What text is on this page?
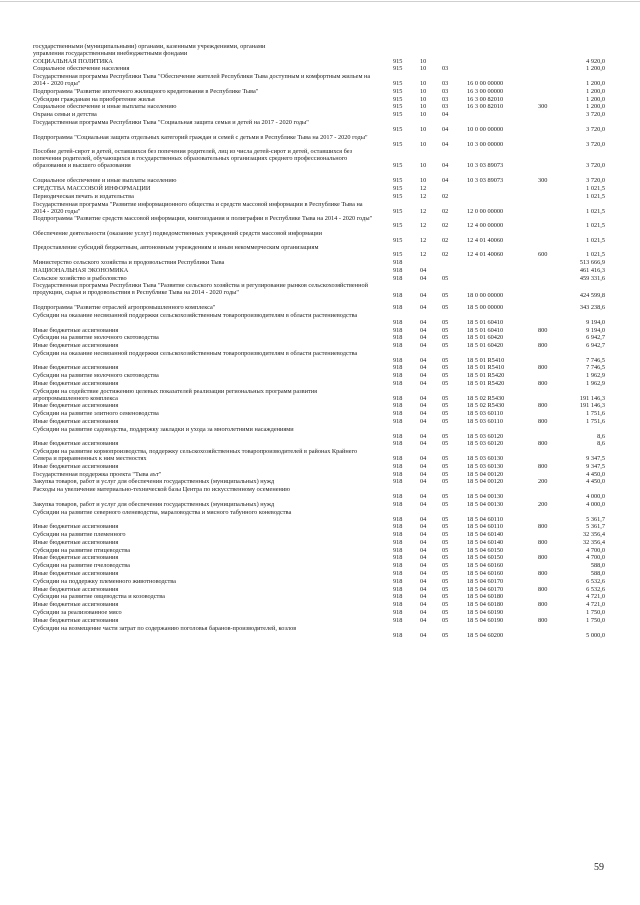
государственными (муниципальными) органами, казенными учреждениями, органами
управления государственными внебюджетными фондами
СОЦИАЛЬНАЯ ПОЛИТИКА	915	10	4 920,0
Социальное обеспечение населения	915	10 03	1 200,0
Государственная программа Республики Тыва "Обеспечение жителей Республики Тыва доступным и комфортным жильем на 2014 - 2020 годы"	915	10 03	16 0 00 00000	1 200,0
Подпрограмма "Развитие ипотечного жилищного кредитования в Республике Тыва"	915	10 03	16 3 00 00000	1 200,0
Субсидии гражданам на приобретение жилья	915	10 03	16 3 00 82010	1 200,0
Социальное обеспечение и иные выплаты населению	915	10 03	16 3 00 82010	300	1 200,0
Охрана семьи и детства	915	10 04	3 720,0
Государственная программа Республики Тыва "Социальная защита семьи и детей на 2017 - 2020 годы"
915	10 04	10 0 00 00000	3 720,0
Подпрограмма "Социальная защита отдельных категорий граждан и семей с детьми в Республике Тыва на 2017 - 2020 годы"
915	10 04	10 3 00 00000	3 720,0
Пособие детей-сирот и детей, оставшихся без попечения родителей, лиц из числа детей-сирот и детей, оставшихся без попечения родителей, обучающихся в государственных образовательных организациях среднего профессионального образования и высшего образования	915	10 04	10 3 03 89073	3 720,0
Социальное обеспечение и иные выплаты населению	915	10 04	10 3 03 89073	300	3 720,0
СРЕДСТВА МАССОВОЙ ИНФОРМАЦИИ	915	12	1 021,5
Периодическая печать и издательства	915	12 02	1 021,5
Государственная программа "Развитие информационного общества и средств массовой информации в Республике Тыва на 2014 - 2020 годы"	915	12 02	12 0 00 00000	1 021,5
Подпрограмма "Развитие средств массовой информации, книгоиздания и полиграфии в Республике Тыва на 2014 - 2020 годы"
915	12 02	12 4 00 00000	1 021,5
Обеспечение деятельности (оказание услуг) подведомственных учреждений средств массовой информации
915	12 02	12 4 01 40060	1 021,5
Предоставление субсидий бюджетным, автономным учреждениям и иным некоммерческим организациям
915	12 02	12 4 01 40060	600	1 021,5
Министерство сельского хозяйства и продовольствия Республики Тыва	918	513 666,9
НАЦИОНАЛЬНАЯ ЭКОНОМИКА	918	04	461 416,3
Сельское хозяйство и рыболовство	918	04 05	459 331,6
Государственная программа Республики Тыва "Развитие сельского хозяйства и регулирование рынков сельскохозяйственной продукции, сырья и продовольствия в Республике Тыва на 2014 - 2020 годы"	918	04 05	18 0 00 00000	424 599,8
Подпрограмма "Развитие отраслей агропромышленного комплекса"	918	04 05	18 5 00 00000	343 238,6
Субсидии на оказание несвязанной поддержки сельскохозяйственным товаропроизводителям в области растениеводства
918	04 05	18 5 01 60410	9 194,0
Иные бюджетные ассигнования	918	04 05	18 5 01 60410	800	9 194,0
Субсидии на развитие молочного скотоводства	918	04 05	18 5 01 60420	6 942,7
Иные бюджетные ассигнования	918	04 05	18 5 01 60420	800	6 942,7
Субсидии на оказание несвязанной поддержки сельскохозяйственным товаропроизводителям в области растениеводства
918	04 05	18 5 01 R5410	7 746,5
Иные бюджетные ассигнования	918	04 05	18 5 01 R5410	800	7 746,5
Субсидии на развитие молочного скотоводства	918	04 05	18 5 01 R5420	1 962,9
Иные бюджетные ассигнования	918	04 05	18 5 01 R5420	800	1 962,9
Субсидии на содействие достижению целевых показателей реализации региональных программ развития агропромышленного комплекса	918	04 05	18 5 02 R5430	191 146,3
Иные бюджетные ассигнования	918	04 05	18 5 02 R5430	800	191 146,3
Субсидии на развитие элитного семеноводства	918	04 05	18 5 03 60110	1 751,6
Иные бюджетные ассигнования	918	04 05	18 5 03 60110	800	1 751,6
Субсидии на развитие садоводства, поддержку закладки и ухода за многолетними насаждениями
918	04 05	18 5 03 60120	8,6
Иные бюджетные ассигнования	918	04 05	18 5 03 60120	800	8,6
Субсидии на развитие кормопроизводства, поддержку сельскохозяйственных товаропроизводителей в районах Крайнего Севера и приравненных к ним местностях	918	04 05	18 5 03 60130	9 347,5
Иные бюджетные ассигнования	918	04 05	18 5 03 60130	800	9 347,5
Государственная поддержка проекта "Тыва аът"	918	04 05	18 5 04 00120	4 450,0
Закупка товаров, работ и услуг для обеспечения государственных (муниципальных) нужд	918	04 05	18 5 04 00120	200	4 450,0
Расходы на увеличение материально-технической базы Центра по искусственному осеменению
918	04 05	18 5 04 00130	4 000,0
Закупка товаров, работ и услуг для обеспечения государственных (муниципальных) нужд	918	04 05	18 5 04 00130	200	4 000,0
Субсидии на развитие северного оленеводства, мараловодства и мясного табунного коневодства
918	04 05	18 5 04 60110	5 361,7
Иные бюджетные ассигнования	918	04 05	18 5 04 60110	800	5 361,7
Субсидии на развитие племенного	918	04 05	18 5 04 60140	32 356,4
Иные бюджетные ассигнования	918	04 05	18 5 04 60140	800	32 356,4
Субсидии на развитие птицеводства	918	04 05	18 5 04 60150	4 700,0
Иные бюджетные ассигнования	918	04 05	18 5 04 60150	800	4 700,0
Субсидии на развитие пчеловодства	918	04 05	18 5 04 60160	588,0
Иные бюджетные ассигнования	918	04 05	18 5 04 60160	800	588,0
Субсидии на поддержку племенного животноводства	918	04 05	18 5 04 60170	6 532,6
Иные бюджетные ассигнования	918	04 05	18 5 04 60170	800	6 532,6
Субсидии на развитие овцеводства и козоводства	918	04 05	18 5 04 60180	4 721,0
Иные бюджетные ассигнования	918	04 05	18 5 04 60180	800	4 721,0
Субсидии за реализованное мясо	918	04 05	18 5 04 60190	1 750,0
Иные бюджетные ассигнования	918	04 05	18 5 04 60190	800	1 750,0
Субсидии на возмещение части затрат по содержанию поголовья баранов-производителей, козлов
918	04 05	18 5 04 60200	5 000,0
59
